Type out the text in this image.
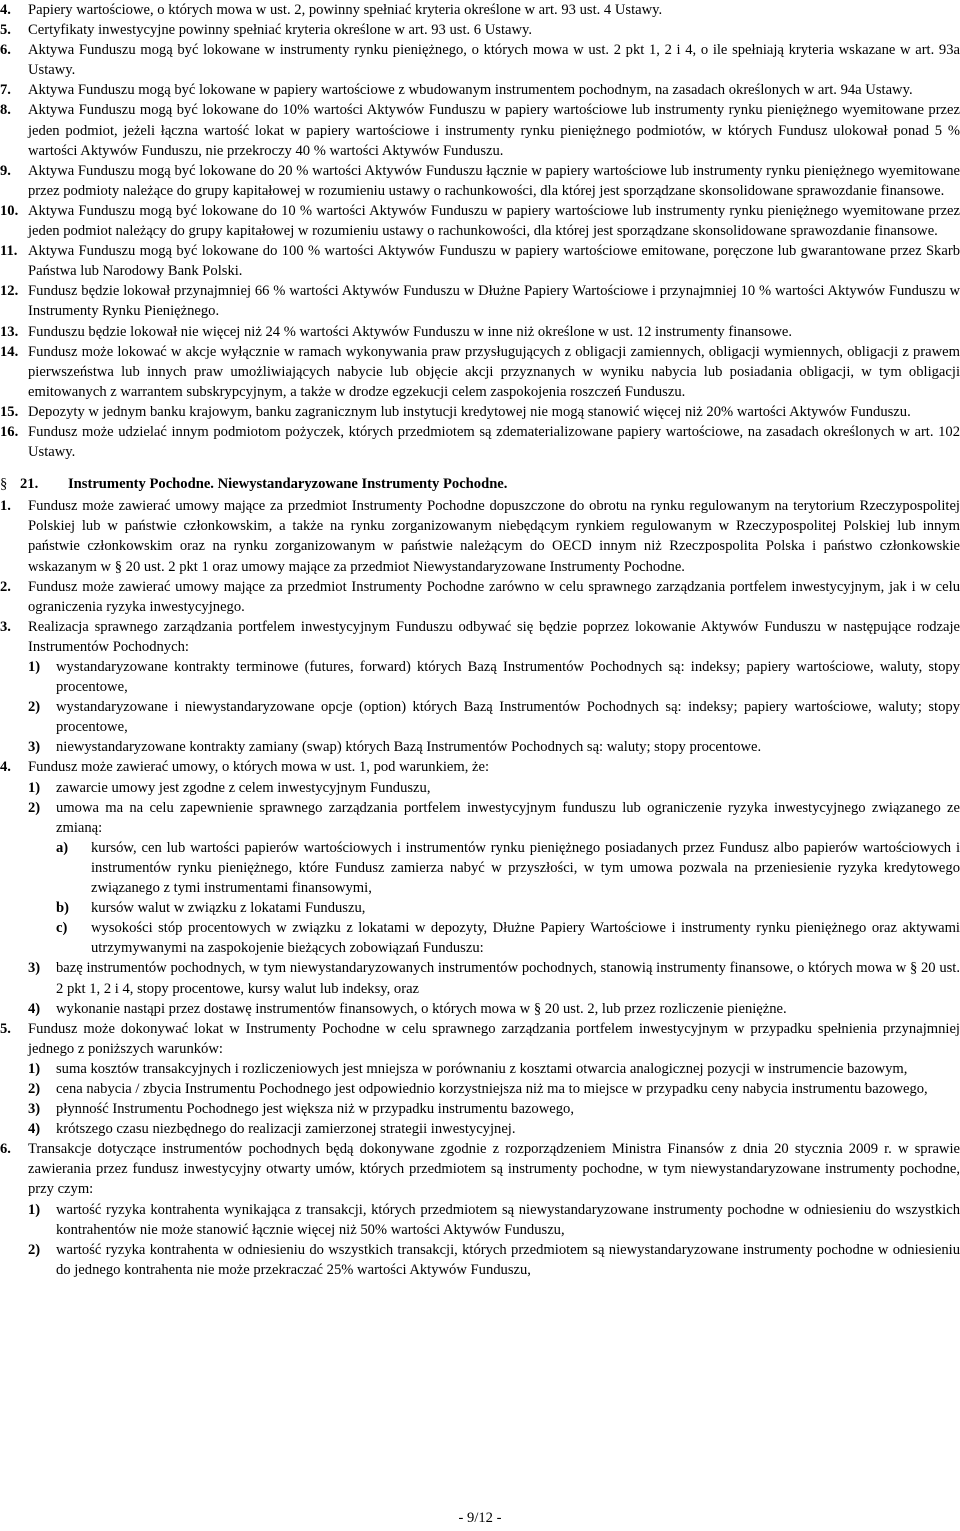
4. Papiery wartościowe, o których mowa w ust. 2, powinny spełniać kryteria określone w art. 93 ust. 4 Ustawy.

5. Certyfikaty inwestycyjne powinny spełniać kryteria określone w art. 93 ust. 6 Ustawy.

6. Aktywa Funduszu mogą być lokowane w instrumenty rynku pieniężnego, o których mowa w ust. 2 pkt 1, 2 i 4, o ile spełniają kryteria wskazane w art. 93a Ustawy.

7. Aktywa Funduszu mogą być lokowane w papiery wartościowe z wbudowanym instrumentem pochodnym, na zasadach określonych w art. 94a Ustawy.

8. Aktywa Funduszu mogą być lokowane do 10% wartości Aktywów Funduszu w papiery wartościowe lub instrumenty rynku pieniężnego wyemitowane przez jeden podmiot, jeżeli łączna wartość lokat w papiery wartościowe i instrumenty rynku pieniężnego podmiotów, w których Fundusz ulokował ponad 5 % wartości Aktywów Funduszu, nie przekroczy 40 % wartości Aktywów Funduszu.

9. Aktywa Funduszu mogą być lokowane do 20 % wartości Aktywów Funduszu łącznie w papiery wartościowe lub instrumenty rynku pieniężnego wyemitowane przez podmioty należące do grupy kapitałowej w rozumieniu ustawy o rachunkowości, dla której jest sporządzane skonsolidowane sprawozdanie finansowe.

10. Aktywa Funduszu mogą być lokowane do 10 % wartości Aktywów Funduszu w papiery wartościowe lub instrumenty rynku pieniężnego wyemitowane przez jeden podmiot należący do grupy kapitałowej w rozumieniu ustawy o rachunkowości, dla której jest sporządzane skonsolidowane sprawozdanie finansowe.

11. Aktywa Funduszu mogą być lokowane do 100 % wartości Aktywów Funduszu w papiery wartościowe emitowane, poręczone lub gwarantowane przez Skarb Państwa lub Narodowy Bank Polski.

12. Fundusz będzie lokował przynajmniej 66 % wartości Aktywów Funduszu w Dłużne Papiery Wartościowe i przynajmniej 10 % wartości Aktywów Funduszu w Instrumenty Rynku Pieniężnego.

13. Funduszu będzie lokował nie więcej niż 24 % wartości Aktywów Funduszu w inne niż określone w ust. 12 instrumenty finansowe.

14. Fundusz może lokować w akcje wyłącznie w ramach wykonywania praw przysługujących z obligacji zamiennych, obligacji wymiennych, obligacji z prawem pierwszeństwa lub innych praw umożliwiających nabycie lub objęcie akcji przyznanych w wyniku nabycia lub posiadania obligacji, w tym obligacji emitowanych z warrantem subskrypcyjnym, a także w drodze egzekucji celem zaspokojenia roszczeń Funduszu.

15. Depozyty w jednym banku krajowym, banku zagranicznym lub instytucji kredytowej nie mogą stanowić więcej niż 20% wartości Aktywów Funduszu.

16. Fundusz może udzielać innym podmiotom pożyczek, których przedmiotem są zdematerializowane papiery wartościowe, na zasadach określonych w art. 102 Ustawy.

§ 21. Instrumenty Pochodne. Niewystandaryzowane Instrumenty Pochodne.

1. Fundusz może zawierać umowy mające za przedmiot Instrumenty Pochodne dopuszczone do obrotu na rynku regulowanym na terytorium Rzeczypospolitej Polskiej lub w państwie członkowskim, a także na rynku zorganizowanym niebędącym rynkiem regulowanym w Rzeczypospolitej Polskiej lub innym państwie członkowskim oraz na rynku zorganizowanym w państwie należącym do OECD innym niż Rzeczpospolita Polska i państwo członkowskie wskazanym w § 20 ust. 2 pkt 1 oraz umowy mające za przedmiot Niewystandaryzowane Instrumenty Pochodne.

2. Fundusz może zawierać umowy mające za przedmiot Instrumenty Pochodne zarówno w celu sprawnego zarządzania portfelem inwestycyjnym, jak i w celu ograniczenia ryzyka inwestycyjnego.

3. Realizacja sprawnego zarządzania portfelem inwestycyjnym Funduszu odbywać się będzie poprzez lokowanie Aktywów Funduszu w następujące rodzaje Instrumentów Pochodnych:

1) wystandaryzowane kontrakty terminowe (futures, forward) których Bazą Instrumentów Pochodnych są: indeksy; papiery wartościowe, waluty, stopy procentowe,

2) wystandaryzowane i niewystandaryzowane opcje (option) których Bazą Instrumentów Pochodnych są: indeksy; papiery wartościowe, waluty; stopy procentowe,

3) niewystandaryzowane kontrakty zamiany (swap) których Bazą Instrumentów Pochodnych są: waluty; stopy procentowe.

4. Fundusz może zawierać umowy, o których mowa w ust. 1, pod warunkiem, że:

1) zawarcie umowy jest zgodne z celem inwestycyjnym Funduszu,

2) umowa ma na celu zapewnienie sprawnego zarządzania portfelem inwestycyjnym funduszu lub ograniczenie ryzyka inwestycyjnego związanego ze zmianą:

a) kursów, cen lub wartości papierów wartościowych i instrumentów rynku pieniężnego posiadanych przez Fundusz albo papierów wartościowych i instrumentów rynku pieniężnego, które Fundusz zamierza nabyć w przyszłości, w tym umowa pozwala na przeniesienie ryzyka kredytowego związanego z tymi instrumentami finansowymi,

b) kursów walut w związku z lokatami Funduszu,

c) wysokości stóp procentowych w związku z lokatami w depozyty, Dłużne Papiery Wartościowe i instrumenty rynku pieniężnego oraz aktywami utrzymywanymi na zaspokojenie bieżących zobowiązań Funduszu:

3) bazę instrumentów pochodnych, w tym niewystandaryzowanych instrumentów pochodnych, stanowią instrumenty finansowe, o których mowa w § 20 ust. 2 pkt 1, 2 i 4, stopy procentowe, kursy walut lub indeksy, oraz

4) wykonanie nastąpi przez dostawę instrumentów finansowych, o których mowa w § 20 ust. 2, lub przez rozliczenie pieniężne.

5. Fundusz może dokonywać lokat w Instrumenty Pochodne w celu sprawnego zarządzania portfelem inwestycyjnym w przypadku spełnienia przynajmniej jednego z poniższych warunków:

1) suma kosztów transakcyjnych i rozliczeniowych jest mniejsza w porównaniu z kosztami otwarcia analogicznej pozycji w instrumencie bazowym,

2) cena nabycia / zbycia Instrumentu Pochodnego jest odpowiednio korzystniejsza niż ma to miejsce w przypadku ceny nabycia instrumentu bazowego,

3) płynność Instrumentu Pochodnego jest większa niż w przypadku instrumentu bazowego,

4) krótszego czasu niezbędnego do realizacji zamierzonej strategii inwestycyjnej.

6. Transakcje dotyczące instrumentów pochodnych będą dokonywane zgodnie z rozporządzeniem Ministra Finansów z dnia 20 stycznia 2009 r. w sprawie zawierania przez fundusz inwestycyjny otwarty umów, których przedmiotem są instrumenty pochodne, w tym niewystandaryzowane instrumenty pochodne, przy czym:

1) wartość ryzyka kontrahenta wynikająca z transakcji, których przedmiotem są niewystandaryzowane instrumenty pochodne w odniesieniu do wszystkich kontrahentów nie może stanowić łącznie więcej niż 50% wartości Aktywów Funduszu,

2) wartość ryzyka kontrahenta w odniesieniu do wszystkich transakcji, których przedmiotem są niewystandaryzowane instrumenty pochodne w odniesieniu do jednego kontrahenta nie może przekraczać 25% wartości Aktywów Funduszu,

- 9/12 -
